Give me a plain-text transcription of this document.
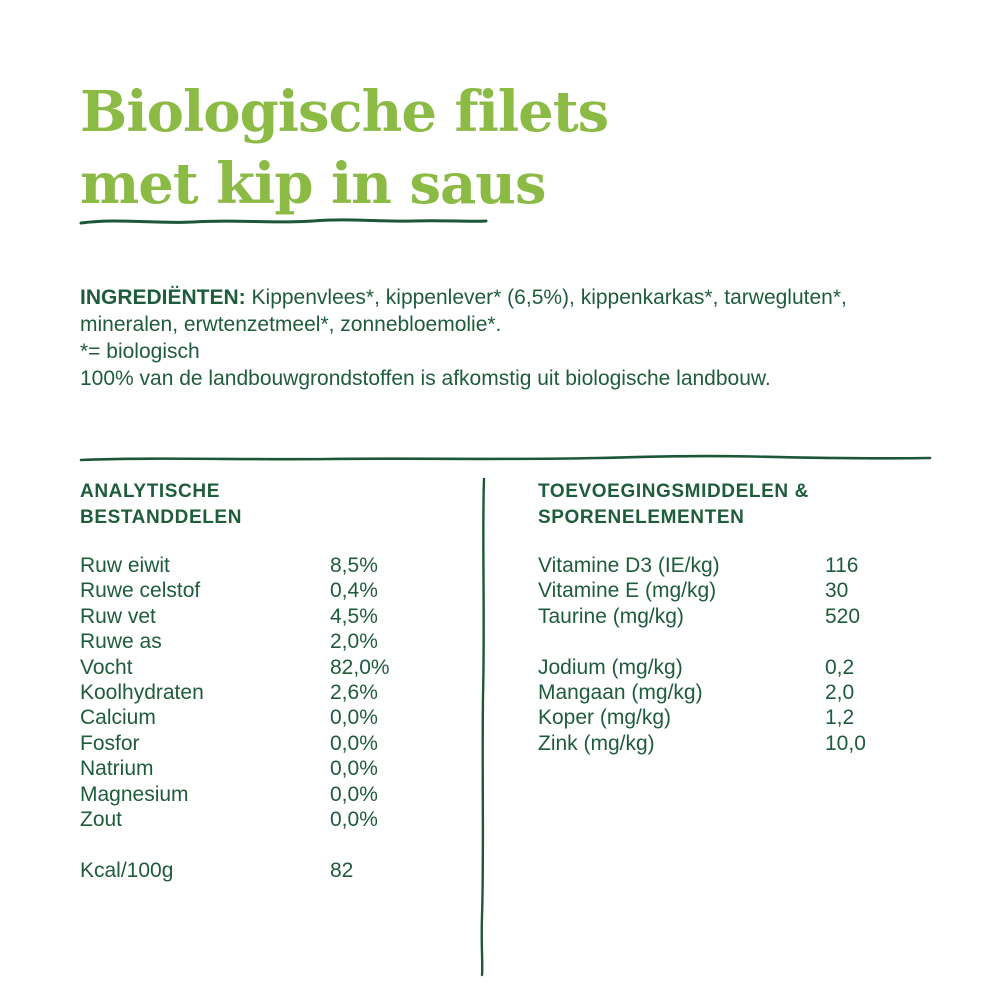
Biologische filets
met kip in saus
INGREDIËNTEN: Kippenvlees*, kippenlever* (6,5%), kippenkarkas*, tarwegluten*,
mineralen, erwtenzetmeel*, zonnebloemolie*.
*= biologisch
100% van de landbouwgrondstoffen is afkomstig uit biologische landbouw.
ANALYTISCHE
BESTANDDELEN
Ruw eiwit	8,5%
Ruwe celstof	0,4%
Ruw vet	4,5%
Ruwe as	2,0%
Vocht	82,0%
Koolhydraten	2,6%
Calcium	0,0%
Fosfor	0,0%
Natrium	0,0%
Magnesium	0,0%
Zout	0,0%
Kcal/100g	82
TOEVOEGINGSMIDDELEN &
SPORENELEMENTEN
Vitamine D3 (IE/kg)	116
Vitamine E (mg/kg)	30
Taurine (mg/kg)	520
Jodium (mg/kg)	0,2
Mangaan (mg/kg)	2,0
Koper (mg/kg)	1,2
Zink (mg/kg)	10,0
